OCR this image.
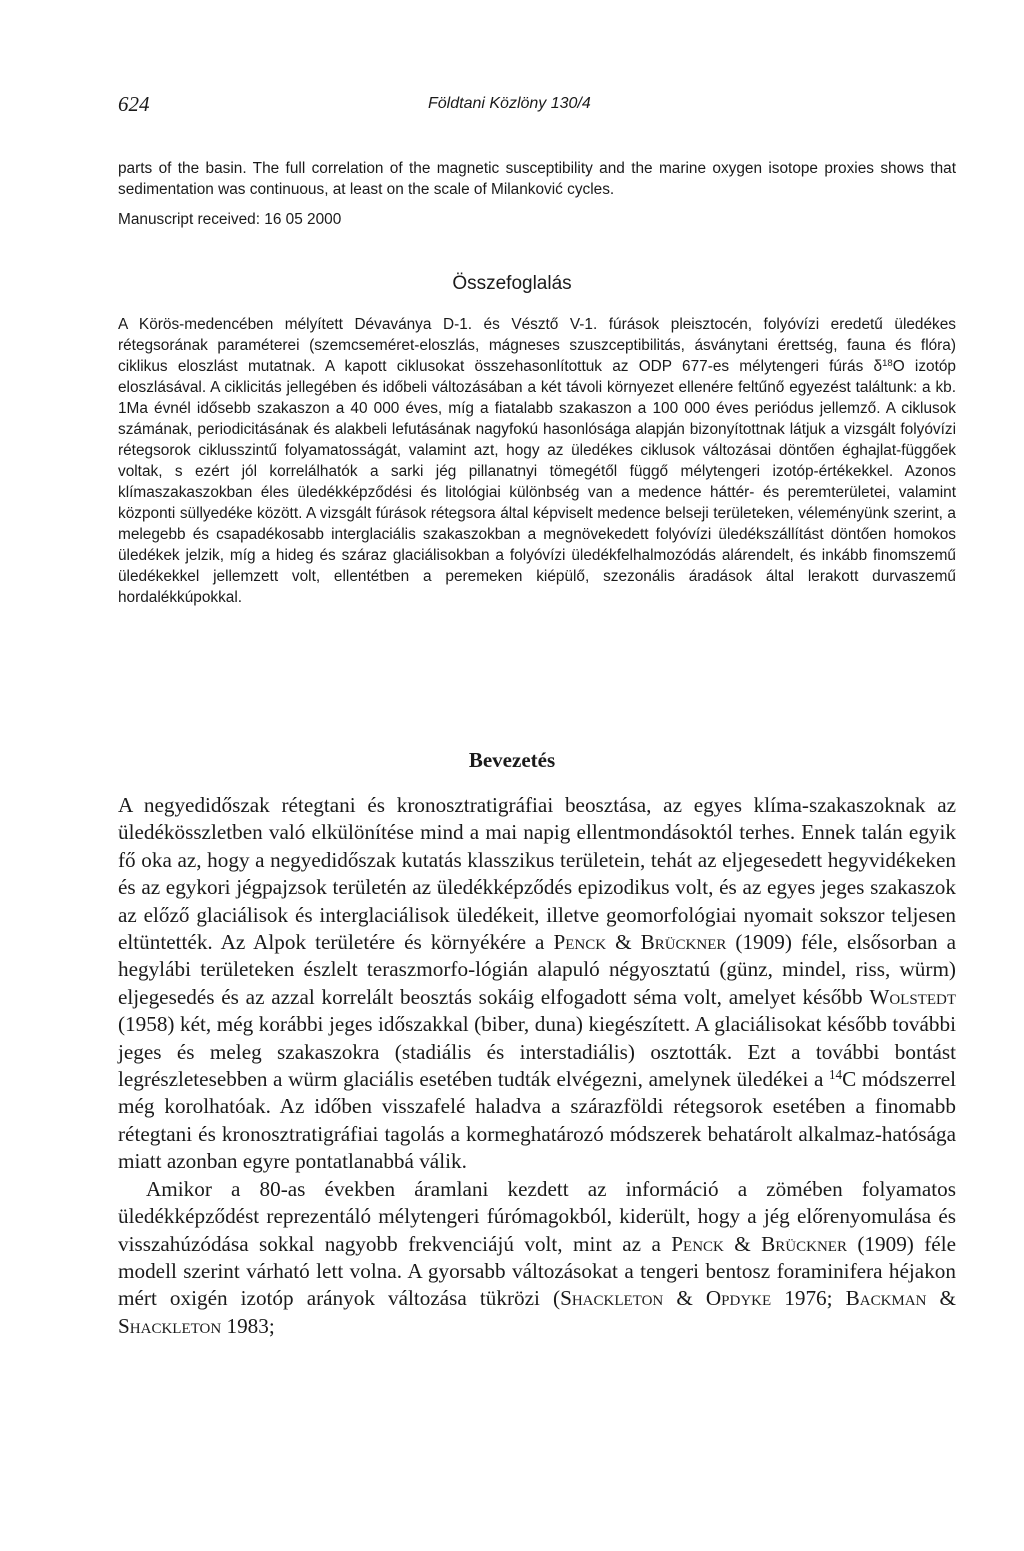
624	Földtani Közlöny 130/4

parts of the basin. The full correlation of the magnetic susceptibility and the marine oxygen isotope proxies shows that sedimentation was continuous, at least on the scale of Milanković cycles.

Manuscript received: 16 05 2000

Összefoglalás

A Körös-medencében mélyített Dévaványa D-1. és Vésztő V-1. fúrások pleisztocén, folyóvízi eredetű üledékes rétegsorának paraméterei (szemcseméret-eloszlás, mágneses szuszceptibilitás, ásványtani érettség, fauna és flóra) ciklikus eloszlást mutatnak. A kapott ciklusokat összehasonlítottuk az ODP 677-es mélytengeri fúrás $\delta^{18}O$ izotóp eloszlásával. A ciklicitás jellegében és időbeli változásában a két távoli környezet ellenére feltűnő egyezést találtunk: a kb. 1Ma évnél idősebb szakaszon a 40 000 éves, míg a fiatalabb szakaszon a 100 000 éves periódus jellemző. A ciklusok számának, periodicitásának és alakbeli lefutásának nagyfokú hasonlósága alapján bizonyítottnak látjuk a vizsgált folyóvízi rétegsorok ciklusszintű folyamatosságát, valamint azt, hogy az üledékes ciklusok változásai döntően éghajlat-függőek voltak, s ezért jól korrelálhatók a sarki jég pillanatnyi tömegétől függő mélytengeri izotóp-értékekkel. Azonos klímaszakaszokban éles üledékképződési és litológiai különbség van a medence háttér- és peremterületei, valamint központi süllyedéke között. A vizsgált fúrások rétegsora által képviselt medence belseji területeken, véleményünk szerint, a melegebb és csapadékosabb interglaciális szakaszokban a megnövekedett folyóvízi üledékszállítást döntően homokos üledékek jelzik, míg a hideg és száraz glaciálisokban a folyóvízi üledékfelhalmozódás alárendelt, és inkább finomszemű üledékekkel jellemzett volt, ellentétben a peremeken kiépülő, szezonális áradások által lerakott durvaszemű hordalékkúpokkal.

Bevezetés

A negyedidőszak rétegtani és kronosztratigráfiai beosztása, az egyes klíma-szakaszoknak az üledékösszletben való elkülönítése mind a mai napig ellentmondásoktól terhes. Ennek talán egyik fő oka az, hogy a negyedidőszak kutatás klasszikus területein, tehát az eljegesedett hegyvidékeken és az egykori jégpajzsok területén az üledékképződés epizodikus volt, és az egyes jeges szakaszok az előző glaciálisok és interglaciálisok üledékeit, illetve geomorfológiai nyomait sokszor teljesen eltüntették. Az Alpok területére és környékére a Penck & Brückner (1909) féle, elsősorban a hegylábi területeken észlelt teraszmorfo-lógián alapuló négyosztatú (günz, mindel, riss, würm) eljegesedés és az azzal korrelált beosztás sokáig elfogadott séma volt, amelyet később Wolstedt (1958) két, még korábbi jeges időszakkal (biber, duna) kiegészített. A glaciálisokat később további jeges és meleg szakaszokra (stadiális és interstadiális) osztották. Ezt a további bontást legrészletesebben a würm glaciális esetében tudták elvégezni, amelynek üledékei a $^{14}$C módszerrel még korolhatóak. Az időben visszafelé haladva a szárazföldi rétegsorok esetében a finomabb rétegtani és kronosztratigráfiai tagolás a kormeghatározó módszerek behatárolt alkalmaz-hatósága miatt azonban egyre pontatlanabbá válik.

Amikor a 80-as években áramlani kezdett az információ a zömében folyamatos üledékképződést reprezentáló mélytengeri fúrómagokból, kiderült, hogy a jég előrenyomulása és visszahúzódása sokkal nagyobb frekvenciájú volt, mint az a Penck & Brückner (1909) féle modell szerint várható lett volna. A gyorsabb változásokat a tengeri bentosz foraminifera héjakon mért oxigén izotóp arányok változása tükrözi (Shackleton & Opdyke 1976; Backman & Shackleton 1983;
